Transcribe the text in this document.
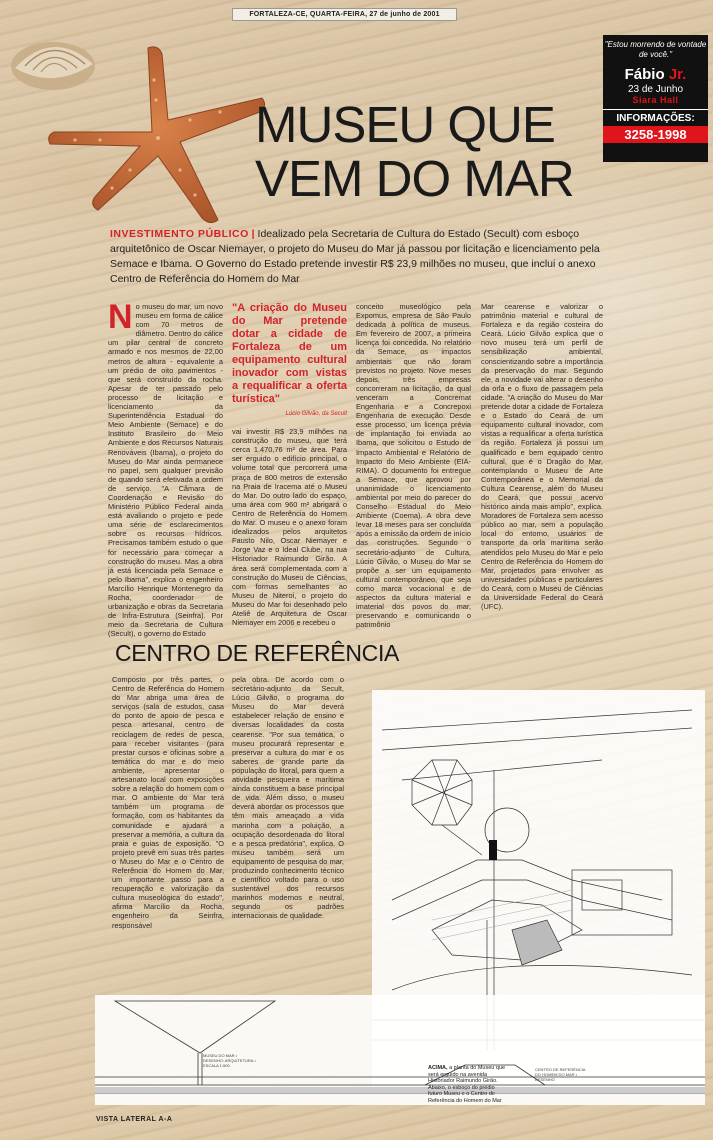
FORTALEZA-CE, QUARTA-FEIRA, 27 de junho de 2001
"Estou morrendo de vontade de você."
Fábio Jr.
23 de Junho
Siara Hall
INFORMAÇÕES:
3258-1998
MUSEU QUE
VEM DO MAR
INVESTIMENTO PÚBLICO | Idealizado pela Secretaria de Cultura do Estado (Secult) com esboço arquitetônico de Oscar Niemayer, o projeto do Museu do Mar já passou por licitação e licenciamento pela Semace e Ibama. O Governo do Estado pretende investir R$ 23,9 milhões no museu, que inclui o anexo Centro de Referência do Homem do Mar
No museu do mar, um novo museu em forma de cálice com 70 metros de diâmetro. Dentro do cálice um pilar central de concreto armado e nos mesmos de 22,00 metros de altura - equivalente a um prédio de oito pavimentos - que será construído da rocha. Apesar de ter passado pelo processo de licitação e licenciamento da Superintendência Estadual do Meio Ambiente (Semace) e do Instituto Brasileiro do Meio Ambiente e dos Recursos Naturais Renováveis (Ibama), o projeto do Museu do Mar ainda permanece no papel, sem qualquer previsão de quando será efetivada a ordem de serviço. "A Câmara de Coordenação e Revisão do Ministério Público Federal ainda está avaliando o projeto e pede uma série de esclarecimentos sobre os recursos hídricos. Precisamos também estudo o que for necessário para começar a construção do museu. Mas a obra já está licenciada pela Semace e pelo Ibama", explica o engenheiro Marcílio Henrique Montenegro da Rocha, coordenador de urbanização e obras da Secretaria de Infra-Estrutura (Seinfra). Por meio da Secretaria de Cultura (Secult), o governo do Estado
"A criação do Museu do Mar pretende dotar a cidade de Fortaleza de um equipamento cultural inovador com vistas a requalificar a oferta turística"
Lúcio Gilvão, da Secult
vai investir R$ 23,9 milhões na construção do museu, que terá cerca 1.470,76 m² de área. Para ser erguido o edifício principal, o volume total que percorrerá uma praça de 800 metros de extensão na Praia de Iracema até o Museu do Mar. Do outro lado do espaço, uma área com 960 m² abrigará o Centro de Referência do Homem do Mar. O museu e o anexo foram idealizados pelos arquitetos Fausto Nilo, Oscar Niemayer e Jorge Vaz e o Ideal Clube, na rua Historiador Raimundo Girão. A área será complementada com a construção do Museu de Ciências, com formas semelhantes ao Museu de Niteroi, o projeto do Museu do Mar foi desenhado pelo Ateliê de Arquitetura de Oscar Niemayer em 2006 e recebeu o
conceito museológico pela Expomus, empresa de São Paulo dedicada à política de museus. Em fevereiro de 2007, a primeira licença foi concedida. No relatório da Semace, os impactos ambientais que não foram previstos no projeto. Nove meses depois, três empresas concorreram na licitação, da qual venceram a Concremat Engenharia e a Concrepoxi Engenharia de execução. Desde esse processo, um licença prévia de implantação foi enviada ao Ibama, que solicitou o Estudo de Impacto Ambiental e Relatório de Impacto do Meio Ambiente (EIA-RIMA). O documento foi entregue a Semace, que aprovou por unanimidade o licenciamento ambiental por meio do parecer do Conselho Estadual do Meio Ambiente (Coema). A obra deve levar 18 meses para ser concluída após a emissão da ordem de início das construções. Segundo o secretário-adjunto de Cultura, Lúcio Gilvão, o Museu do Mar se propõe a ser um equipamento cultural contemporâneo, que seja como marca vocacional e de aspectos da cultura material e imaterial dos povos do mar, preservando e comunicando o patrimônio
Mar cearense e valorizar o patrimônio material e cultural de Fortaleza e da região costeira do Ceará. Lúcio Gilvão explica que o novo museu terá um perfil de sensibilização ambiental, conscientizando sobre a importância da preservação do mar. Segundo ele, a novidade vai alterar o desenho da orla e o fluxo de passagem pela cidade. "A criação do Museu do Mar pretende dotar a cidade de Fortaleza e o Estado do Ceará de um equipamento cultural inovador, com vistas a requalificar a oferta turística da região. Fortaleza já possui um qualificado e bem equipado centro cultural, que é o Dragão do Mar, contemplando o Museu de Arte Contemporânea e o Memorial da Cultura Cearense, além do Museu do Ceará, que possui acervo histórico ainda mais amplo", explica. Moradores de Fortaleza sem acesso público ao mar, sem a população local do entorno, usuários de transporte da orla marítima serão atendidos pelo Museu do Mar e pelo Centro de Referência do Homem do Mar, projetados para envolver as universidades públicas e particulares do Ceará, com o Museu de Ciências da Universidade Federal do Ceará (UFC).
CENTRO DE REFERÊNCIA
Composto por três partes, o Centro de Referência do Homem do Mar abriga uma área de serviços (sala de estudos, casa do ponto de apoio de pesca e pesca artesanal, centro de reciclagem de redes de pesca, para receber visitantes (para prestar cursos e oficinas sobre a temática do mar e do meio ambiente, apresentar o artesanato local com exposições sobre a relação do homem com o mar. O ambiente do Mar terá também um programa de formação, com os habitantes da comunidade e ajudará a preservar a memória, a cultura da praia e guias de exposição. "O projeto prevê em suas três partes o Museu do Mar e o Centro de Referência do Homem do Mar, um importante passo para a recuperação e valorização da cultura museológica do estado", afirma Marcílio da Rocha, engenheiro da Seinfra, responsável
pela obra. De acordo com o secretário-adjunto da Secult, Lúcio Gilvão, o programa do Museu do Mar deverá estabelecer relação de ensino e diversas localidades da costa cearense. "Por sua temática, o museu procurará representar e preservar a cultura do mar e os saberes de grande parte da população do litoral, para quem a atividade pesqueira e marítima ainda constituem a base principal de vida. Além disso, o museu deverá abordar os processos que têm mais ameaçado a vida marinha com a poluição, a ocupação desordenada do litoral e a pesca predatória", explica. O museu também será um equipamento de pesquisa do mar, produzindo conhecimento técnico e científico voltado para o uso sustentável dos recursos marinhos modernos e neutral, segundo os padrões internacionais de qualidade.
MUSEU DO MAR • DESENHO: ARQUITETURA • ESCALA 1:500
CENTRO DE REFERÊNCIA DO HOMEM DO MAR • DESENHO
ACIMA, a planta do Museu que será erguido na avenida Historiador Raimundo Girão. Abaixo, o esboço do prédio futuro Museu e o Centro de Referência do Homem do Mar
VISTA LATERAL A-A
